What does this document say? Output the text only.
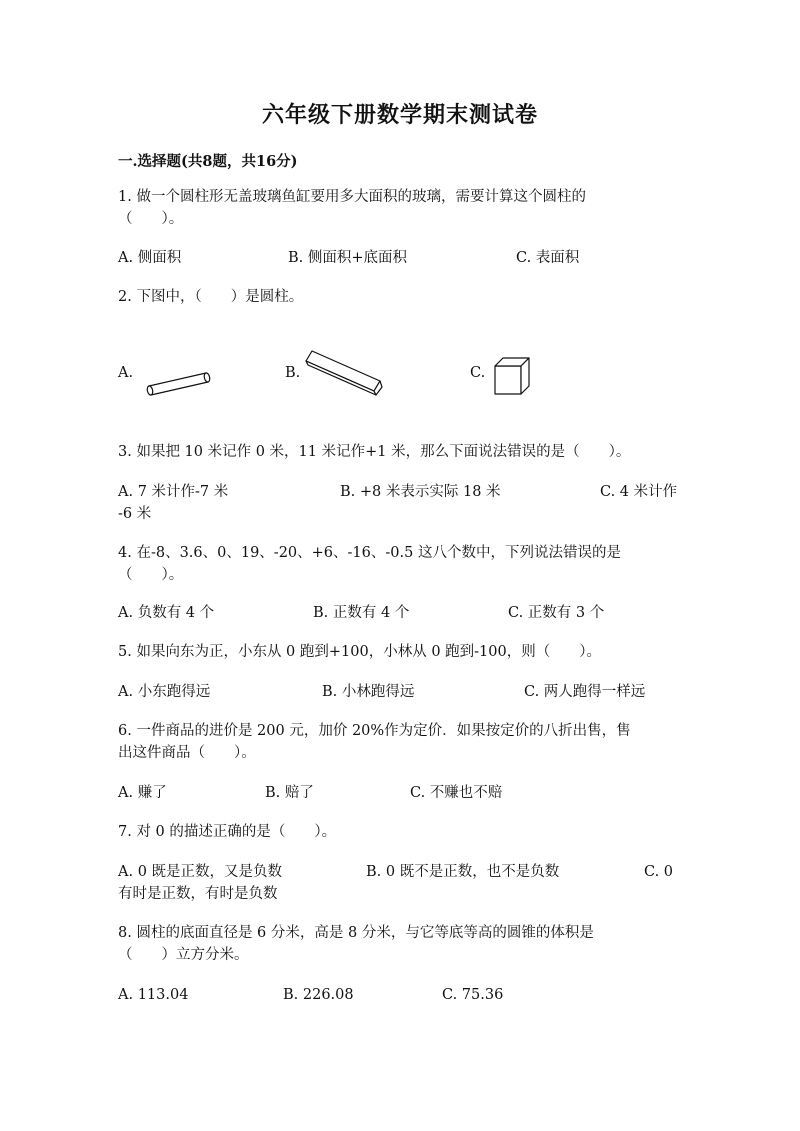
六年级下册数学期末测试卷
一.选择题(共8题，共16分)
1. 做一个圆柱形无盖玻璃鱼缸要用多大面积的玻璃，需要计算这个圆柱的
（　　）。
A. 侧面积	B. 侧面积+底面积	C. 表面积
2. 下图中，（　　）是圆柱。
A.	B.	C.
3. 如果把 10 米记作 0 米，11 米记作+1 米，那么下面说法错误的是（　　）。
A. 7 米计作-7 米	B. +8 米表示实际 18 米	C. 4 米计作
-6 米
4. 在-8、3.6、0、19、-20、+6、-16、-0.5 这八个数中，下列说法错误的是
（　　）。
A. 负数有 4 个	B. 正数有 4 个	C. 正数有 3 个
5. 如果向东为正，小东从 0 跑到+100，小林从 0 跑到-100，则（　　）。
A. 小东跑得远	B. 小林跑得远	C. 两人跑得一样远
6. 一件商品的进价是 200 元，加价 20%作为定价．如果按定价的八折出售，售
出这件商品（　　）。
A. 赚了	B. 赔了	C. 不赚也不赔
7. 对 0 的描述正确的是（　　）。
A. 0 既是正数，又是负数	B. 0 既不是正数，也不是负数	C. 0
有时是正数，有时是负数
8. 圆柱的底面直径是 6 分米，高是 8 分米，与它等底等高的圆锥的体积是
（　　）立方分米。
A. 113.04	B. 226.08	C. 75.36
